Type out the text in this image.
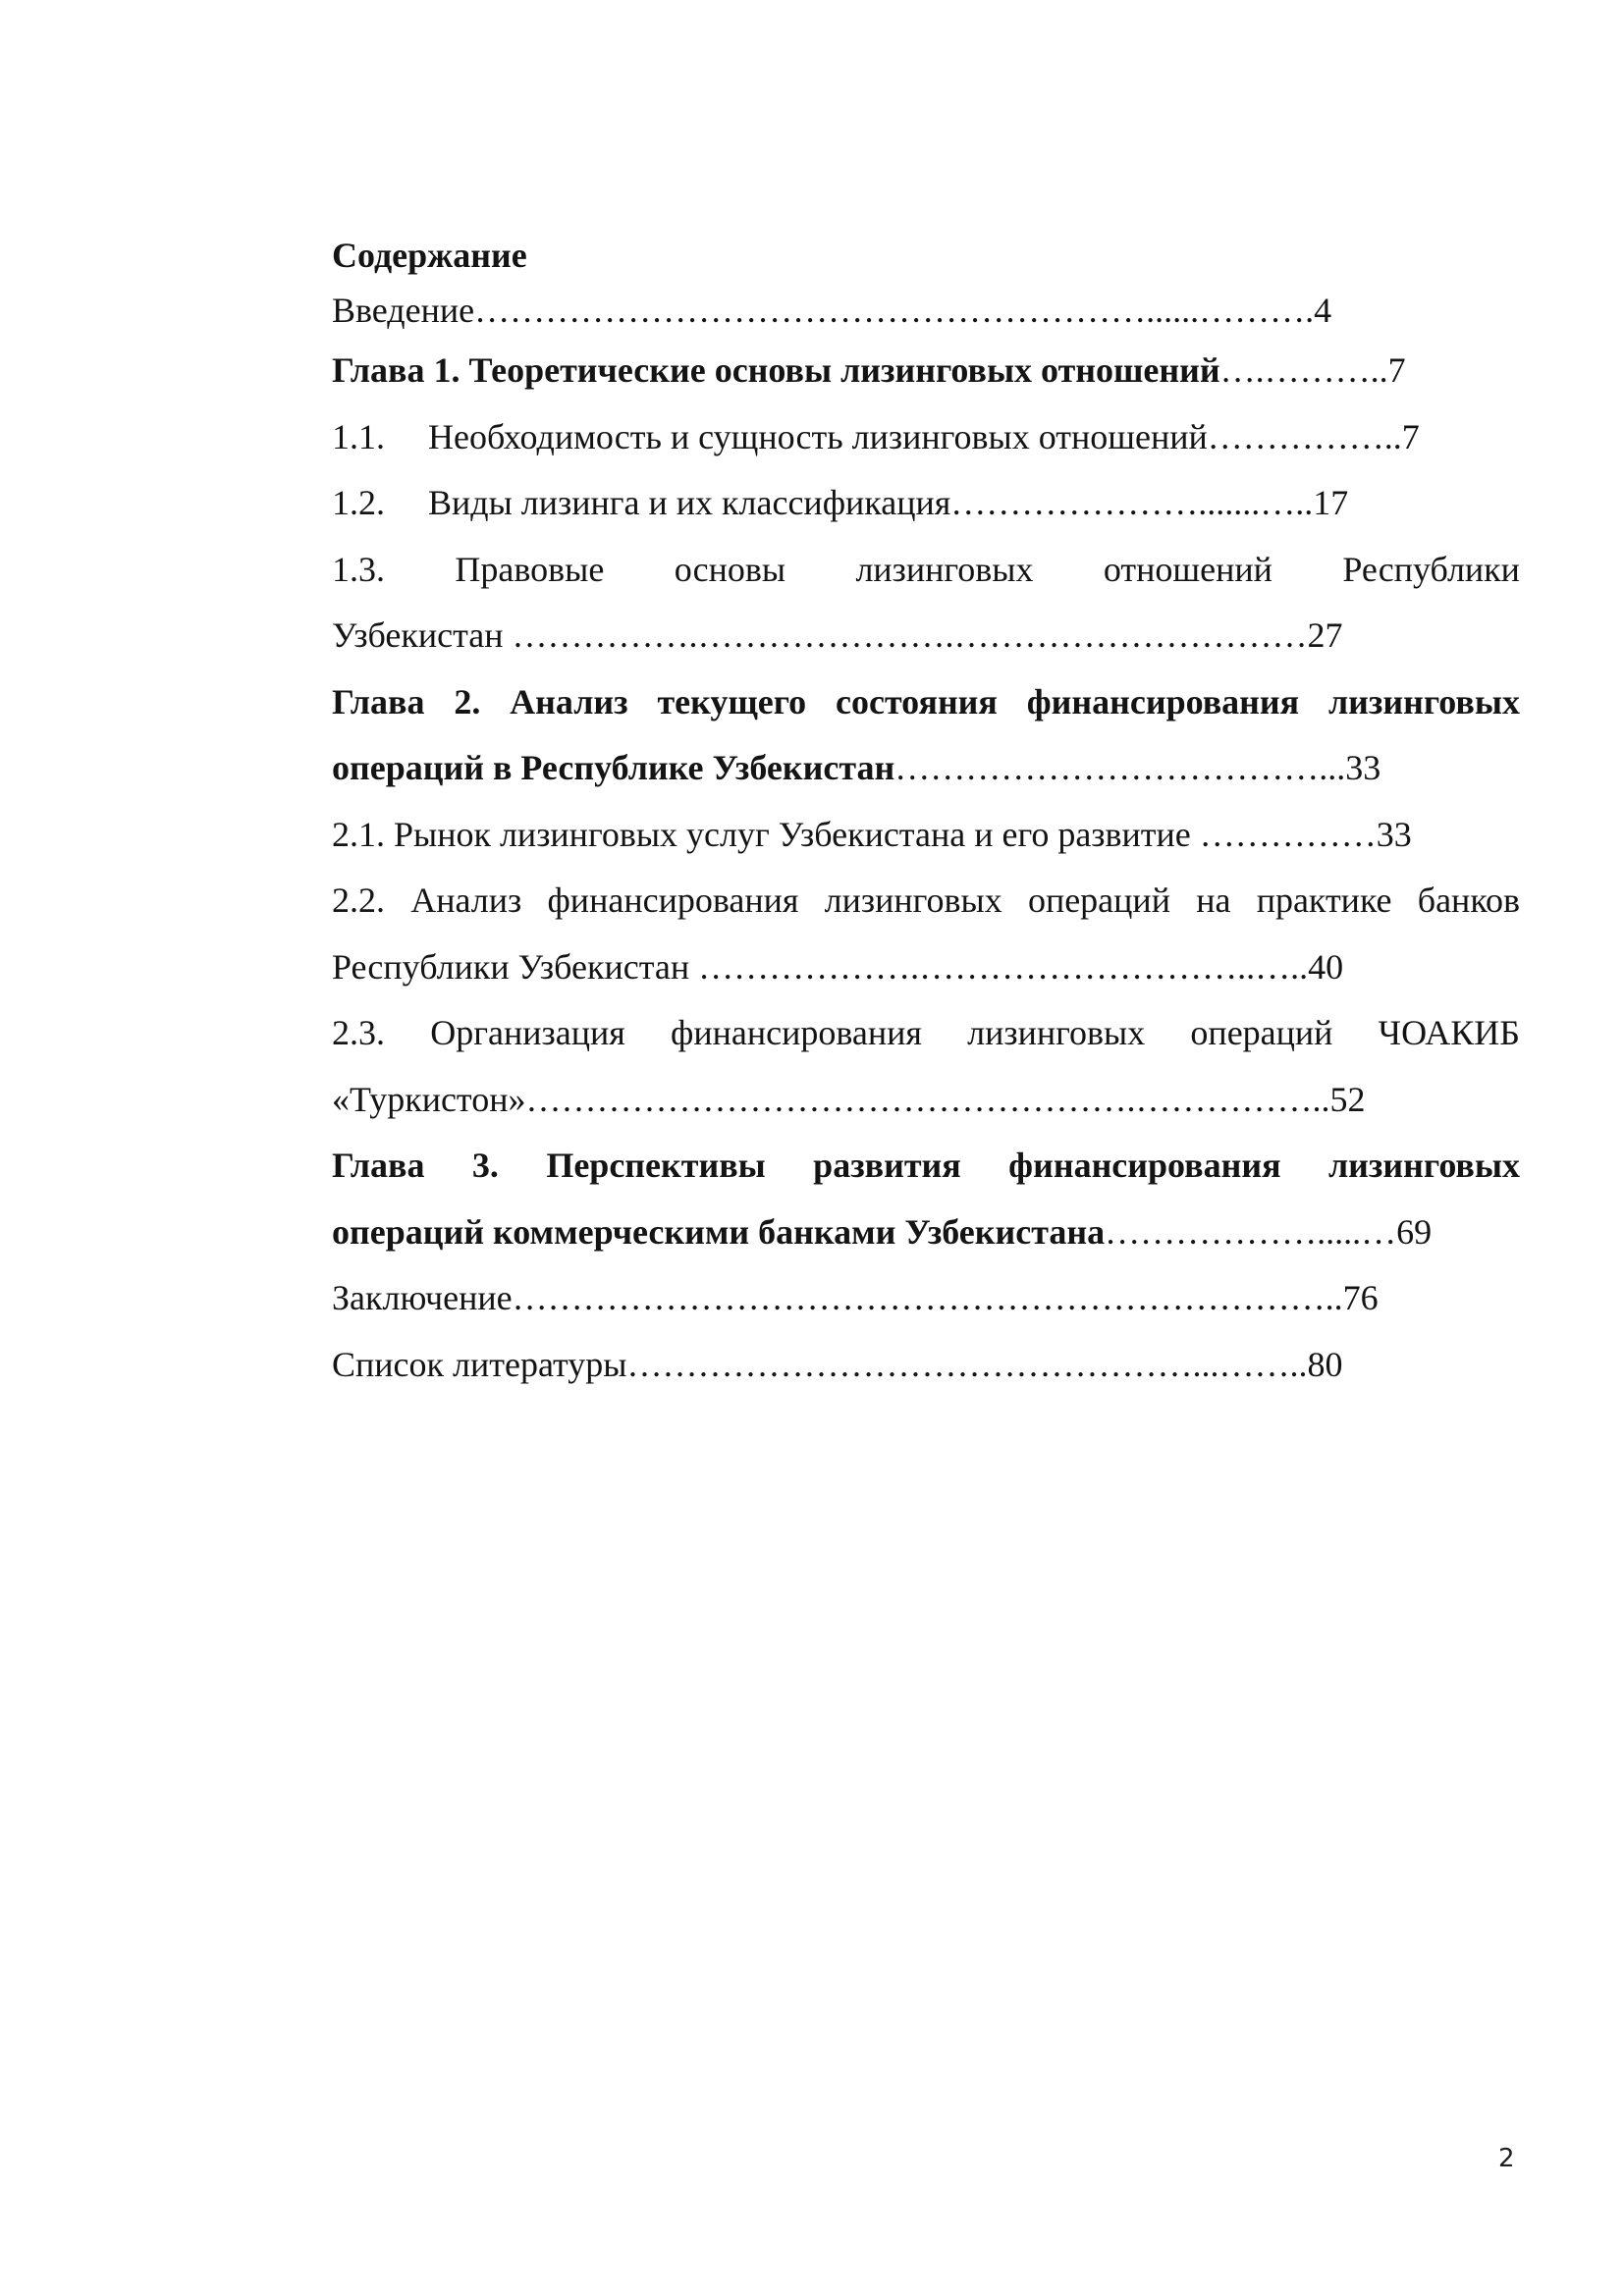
Содержание
Введение…………………………………………………......……….4
Глава 1. Теоретические основы лизинговых отношений….………..7
1.1.	Необходимость и сущность лизинговых отношений……………..7
1.2.	Виды лизинга и их классификация………………….......…..17
1.3. Правовые основы лизинговых отношений Республики
Узбекистан …………….………………….…………………………27
Глава 2. Анализ текущего состояния финансирования лизинговых
операций в Республике Узбекистан………………………………...33
2.1. Рынок лизинговых услуг Узбекистана и его развитие ……………33
2.2. Анализ финансирования лизинговых операций на практике банков
Республики Узбекистан ……………….………………………..…..40
2.3. Организация финансирования лизинговых операций ЧОАКИБ
«Туркистон»…………………………………………….……………..52
Глава 3. Перспективы развития финансирования лизинговых
операций коммерческими банками Узбекистана……………….....…69
Заключение……………………………………………………………..76
Список литературы…………………………………………...……..80
2
